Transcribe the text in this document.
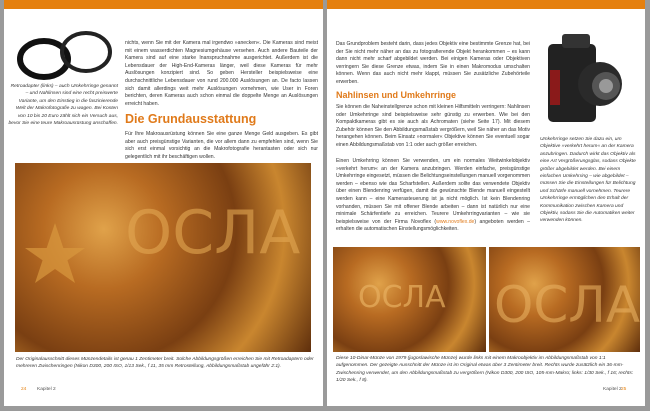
Retroadapter (links) – auch Umkehrringe genannt – und Nahlinsen sind eine recht preiswerte Variante, um den Einstieg in die faszinierende Welt der Makrofotografie zu wagen. Bei Kosten von 10 bis 20 Euro zählt sich ein Versuch aus, bevor Sie eine teure Makroausrüstung anschaffen.
nichts, wenn Sie mit der Kamera mal irgendwo »anecken«. Die Kameras sind meist mit einem wasserdichten Magnesiumgehäuse versehen. Auch andere Bauteile der Kamera sind auf eine starke Inanspruchnahme ausgerichtet. Außerdem ist die Lebensdauer der High-End-Kameras länger, weil diese Kameras für mehr Auslösungen konzipiert sind. So geben Hersteller beispielsweise eine durchschnittliche Lebensdauer von rund 200.000 Auslösungen an. De facto lassen sich damit allerdings weit mehr Auslösungen vornehmen, wie User in Foren berichten, deren Kameras auch schon einmal die doppelte Menge an Auslösungen erreicht haben.
Die Grundausstattung
Für Ihre Makroausrüstung können Sie eine ganze Menge Geld ausgeben. Es gibt aber auch preisgünstige Varianten, die vor allem dann zu empfehlen sind, wenn Sie sich erst einmal vorsichtig an die Makrofotografie herantasten oder sich nur gelegentlich mit ihr beschäftigen wollen.
ОСЛА
Der Originalausschnitt dieses Münzendetails ist genau 1 Zentimeter breit. Solche Abbildungsgrößen erreichen Sie mit Retroadaptern oder mehreren Zwischenringen (Nikon D300, 200 ISO, 1/13 Sek., f 11, 35 mm Retrostellung, Abbildungsmaßstab ungefähr 2:1).
24 Kapitel 2
Das Grundproblem besteht darin, dass jedes Objektiv eine bestimmte Grenze hat, bei der Sie nicht mehr näher an das zu fotografierende Objekt herankommen – es kann dann nicht mehr scharf abgebildet werden. Bei einigen Kameras oder Objektiven verringern Sie diese Grenze etwas, indem Sie in einen Makromodus umschalten können. Wenn das auch nicht mehr klappt, müssen Sie zusätzliche Zubehörteile erwerben.
Nahlinsen und Umkehrringe
Sie können die Naheinstellgrenze schon mit kleinen Hilfsmitteln verringern: Nahlinsen oder Umkehrringe sind beispielsweise sehr günstig zu erwerben. Wie bei den Kompaktkameras gibt es sie auch als Achromaten (siehe Seite 17). Mit diesem Zubehör können Sie den Abbildungsmaßstab vergrößern, weil Sie näher an das Motiv herangehen können. Beim Einsatz »normaler« Objektive können Sie eventuell sogar einen Abbildungsmaßstab von 1:1 oder auch größer erreichen.
Einen Umkehrring können Sie verwenden, um ein normales Weitwinkelobjektiv »verkehrt herum« an der Kamera anzubringen. Werden einfache, preisgünstige Umkehrringe eingesetzt, müssen die Belichtungseinstellungen manuell vorgenommen werden – ebenso wie das Scharfstellen. Außerdem sollte das verwendete Objektiv über einen Blendenring verfügen, damit die gewünschte Blende manuell eingestellt werden kann – eine Kamerasteuerung ist ja nicht möglich. Ist kein Blendenring vorhanden, müssen Sie mit offener Blende arbeiten – dann ist natürlich nur eine minimale Schärfentiefe zu erreichen. Teurere Umkehrringvarianten – wie sie beispielsweise von der Firma Novoflex (www.novoflex.de) angeboten werden – erhalten die automatischen Einstellungsmöglichkeiten.
Umkehrringe setzen Sie dazu ein, um Objektive »verkehrt herum« an der Kamera anzubringen. Dadurch wirkt das Objektiv als eine Art Vergrößerungsglas, sodass Objekte größer abgebildet werden. Bei einem einfachen Umkehrring – wie abgebildet – müssen Sie die Einstellungen für Belichtung und Schärfe manuell vornehmen. Teurere Umkehrringe ermöglichen den Erhalt der Kommunikation zwischen Kamera und Objektiv, sodass Sie die Automatiken weiter verwenden können.
ОСЛА ОСЛА
Diese 10-Dinar-Münze von 1979 (jugoslawische Münze) wurde links mit einem Makroobjektiv im Abbildungsmaßstab von 1:1 aufgenommen. Der gezeigte Ausschnitt der Münze ist im Original etwas über 3 Zentimeter breit. Rechts wurde zusätzlich ein 36-mm-Zwischenring verwendet, um den Abbildungsmaßstab zu vergrößern (Nikon D300, 200 ISO, 105-mm-Makro; links: 1/30 Sek., f 16; rechts: 1/20 Sek., f 8).
Kapitel 2 25
